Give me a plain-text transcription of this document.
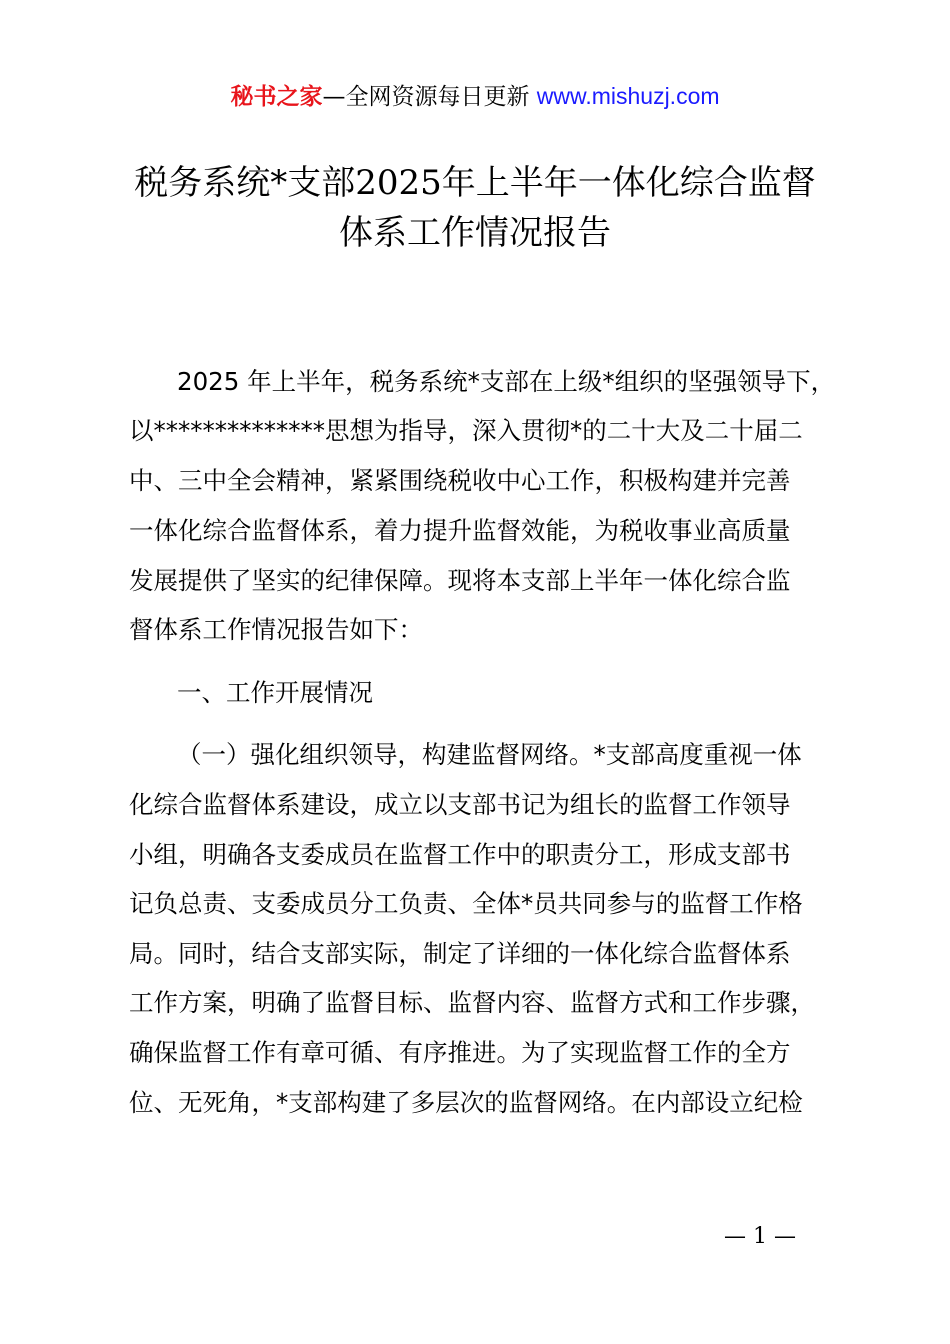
秘书之家—全网资源每日更新 www.mishuzj.com
税务系统*支部2025年上半年一体化综合监督
体系工作情况报告
2025 年上半年，税务系统*支部在上级*组织的坚强领导下，
以**************思想为指导，深入贯彻*的二十大及二十届二
中、三中全会精神，紧紧围绕税收中心工作，积极构建并完善
一体化综合监督体系，着力提升监督效能，为税收事业高质量
发展提供了坚实的纪律保障。现将本支部上半年一体化综合监
督体系工作情况报告如下：
一、工作开展情况
（一）强化组织领导，构建监督网络。*支部高度重视一体
化综合监督体系建设，成立以支部书记为组长的监督工作领导
小组，明确各支委成员在监督工作中的职责分工，形成支部书
记负总责、支委成员分工负责、全体*员共同参与的监督工作格
局。同时，结合支部实际，制定了详细的一体化综合监督体系
工作方案，明确了监督目标、监督内容、监督方式和工作步骤，
确保监督工作有章可循、有序推进。为了实现监督工作的全方
位、无死角，*支部构建了多层次的监督网络。在内部设立纪检
— 1 —
